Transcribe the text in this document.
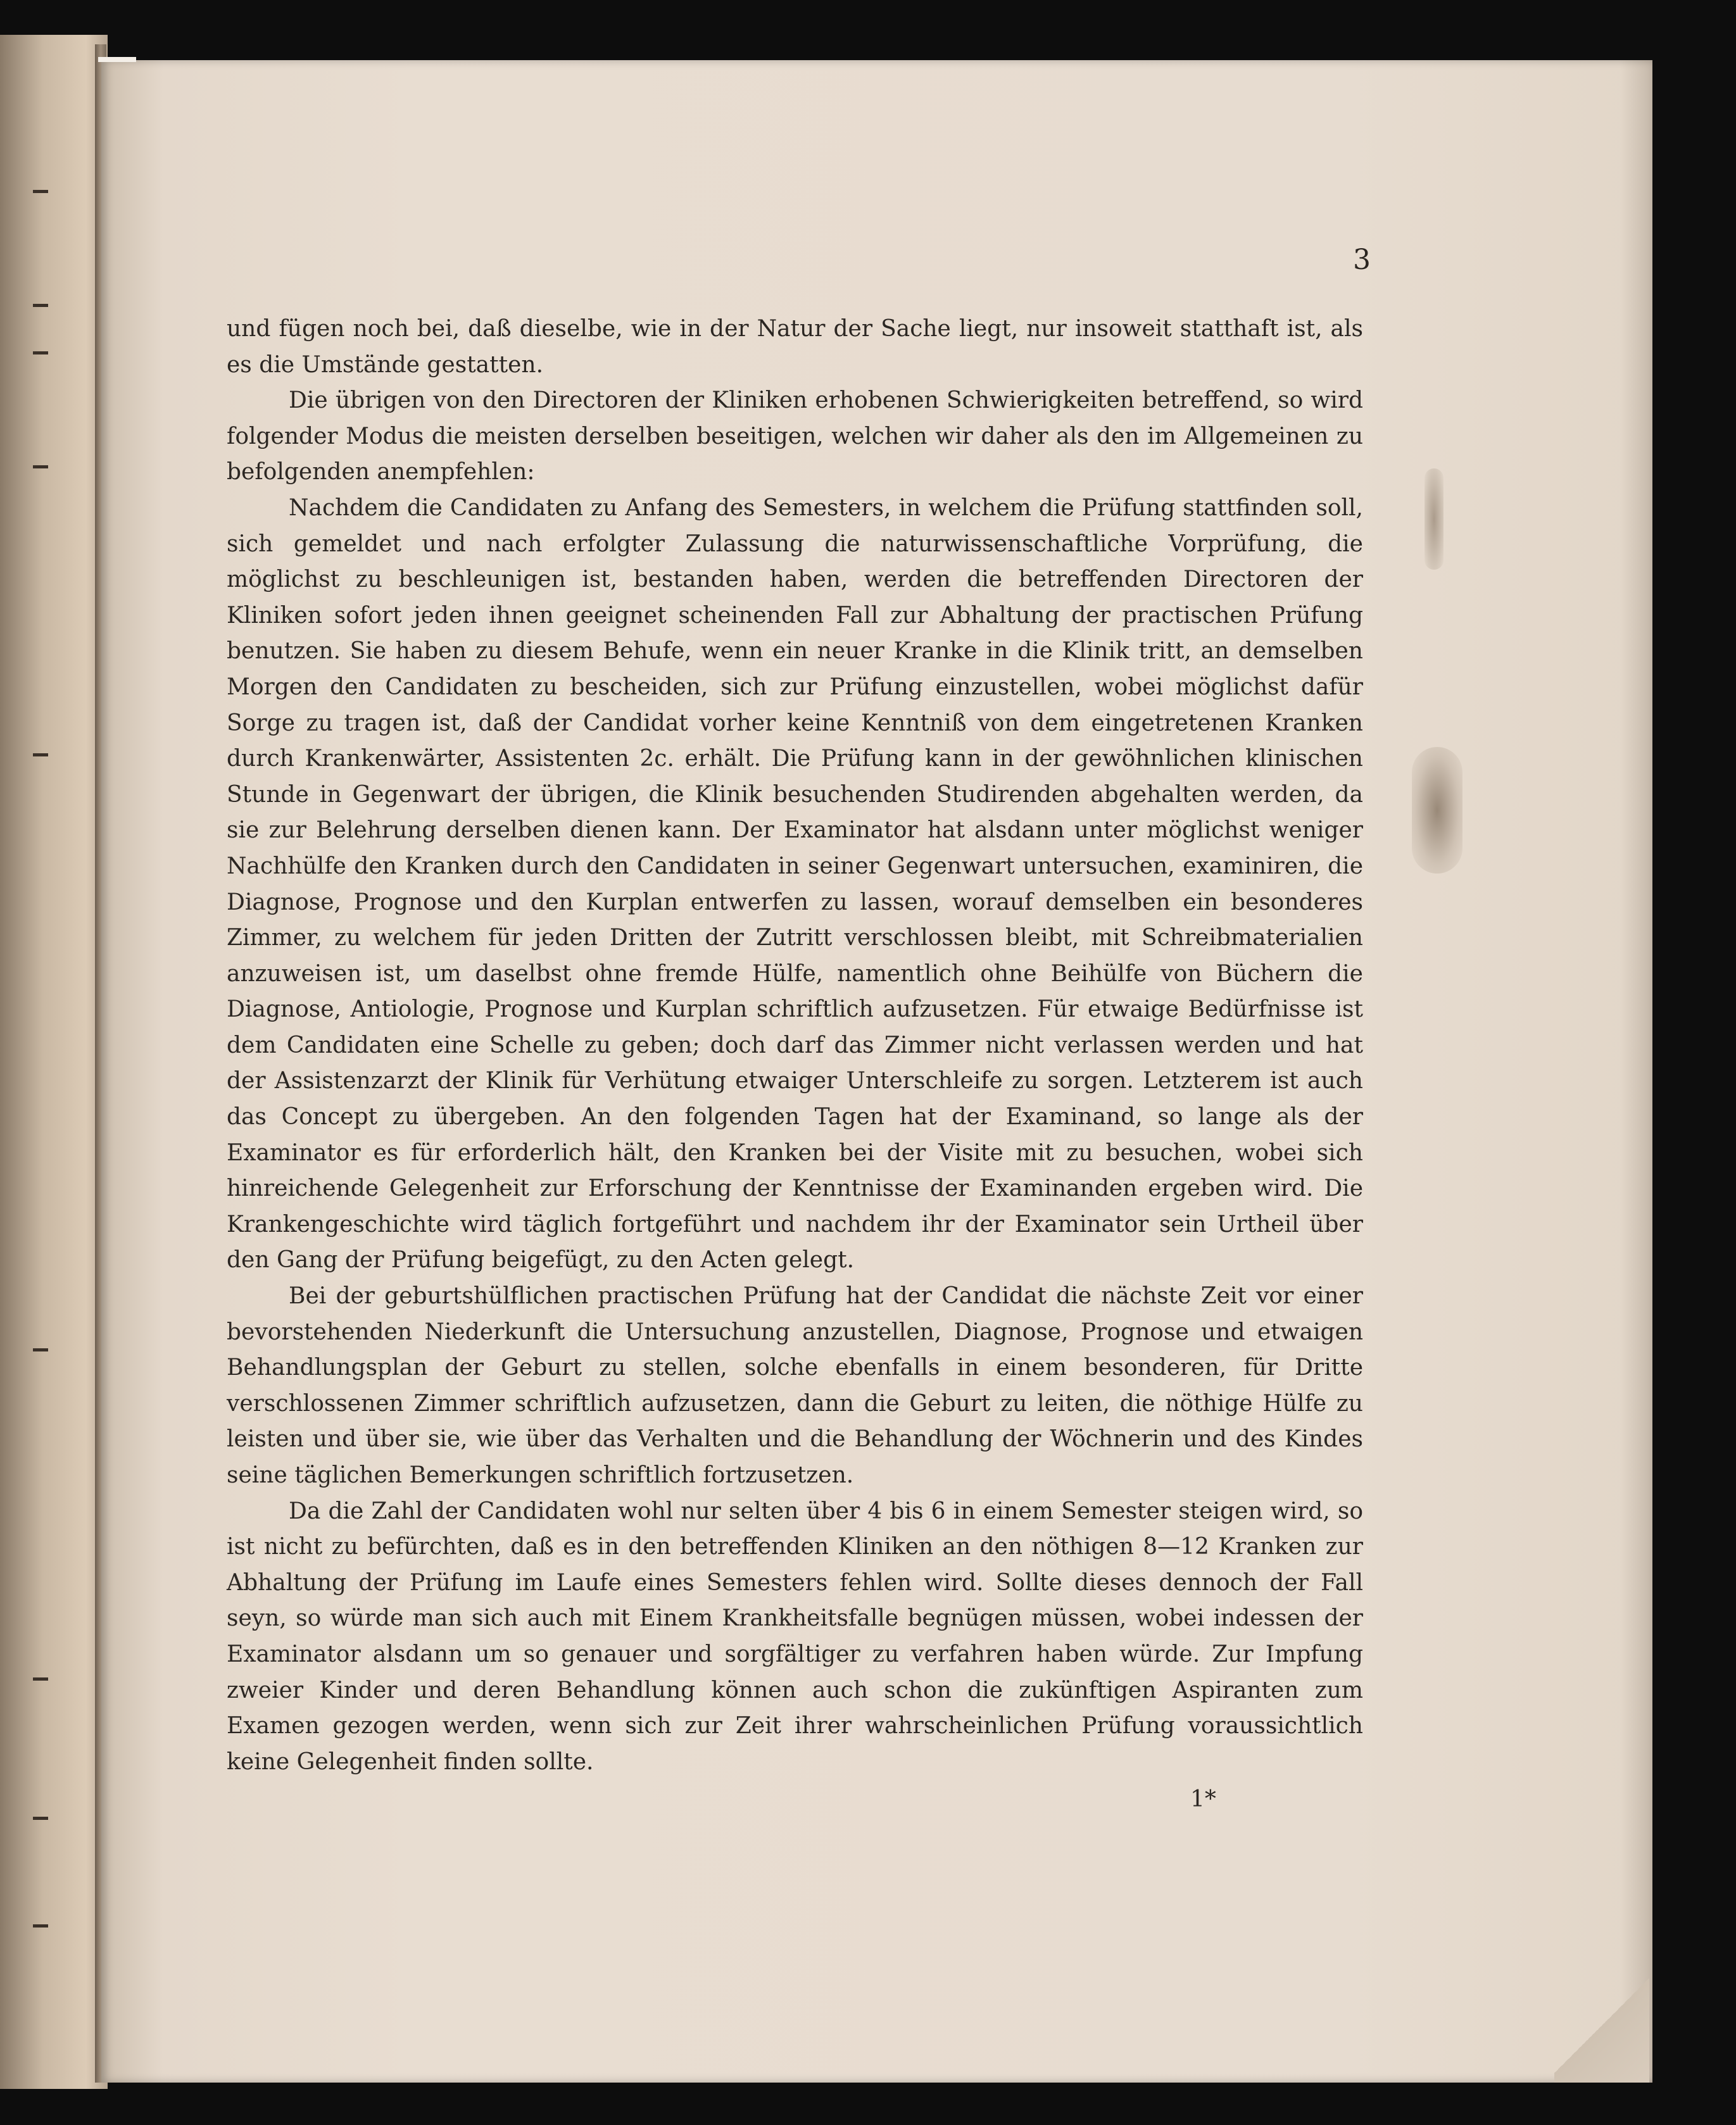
3

und fügen noch bei, daß dieselbe, wie in der Natur der Sache liegt, nur insoweit statthaft ist, als es die Umstände gestatten.

Die übrigen von den Directoren der Kliniken erhobenen Schwierigkeiten betreffend, so wird folgender Modus die meisten derselben beseitigen, welchen wir daher als den im Allgemeinen zu befolgenden anempfehlen:

Nachdem die Candidaten zu Anfang des Semesters, in welchem die Prüfung stattfinden soll, sich gemeldet und nach erfolgter Zulassung die naturwissenschaftliche Vorprüfung, die möglichst zu beschleunigen ist, bestanden haben, werden die betreffenden Directoren der Kliniken sofort jeden ihnen geeignet scheinenden Fall zur Abhaltung der practischen Prüfung benutzen. Sie haben zu diesem Behufe, wenn ein neuer Kranke in die Klinik tritt, an demselben Morgen den Candidaten zu bescheiden, sich zur Prüfung einzustellen, wobei möglichst dafür Sorge zu tragen ist, daß der Candidat vorher keine Kenntniß von dem eingetretenen Kranken durch Krankenwärter, Assistenten 2c. erhält. Die Prüfung kann in der gewöhnlichen klinischen Stunde in Gegenwart der übrigen, die Klinik besuchenden Studirenden abgehalten werden, da sie zur Belehrung derselben dienen kann. Der Examinator hat alsdann unter möglichst weniger Nachhülfe den Kranken durch den Candidaten in seiner Gegenwart untersuchen, examiniren, die Diagnose, Prognose und den Kurplan entwerfen zu lassen, worauf demselben ein besonderes Zimmer, zu welchem für jeden Dritten der Zutritt verschlossen bleibt, mit Schreibmaterialien anzuweisen ist, um daselbst ohne fremde Hülfe, namentlich ohne Beihülfe von Büchern die Diagnose, Antiologie, Prognose und Kurplan schriftlich aufzusetzen. Für etwaige Bedürfnisse ist dem Candidaten eine Schelle zu geben; doch darf das Zimmer nicht verlassen werden und hat der Assistenzarzt der Klinik für Verhütung etwaiger Unterschleife zu sorgen. Letzterem ist auch das Concept zu übergeben. An den folgenden Tagen hat der Examinand, so lange als der Examinator es für erforderlich hält, den Kranken bei der Visite mit zu besuchen, wobei sich hinreichende Gelegenheit zur Erforschung der Kenntnisse der Examinanden ergeben wird. Die Krankengeschichte wird täglich fortgeführt und nachdem ihr der Examinator sein Urtheil über den Gang der Prüfung beigefügt, zu den Acten gelegt.

Bei der geburtshülflichen practischen Prüfung hat der Candidat die nächste Zeit vor einer bevorstehenden Niederkunft die Untersuchung anzustellen, Diagnose, Prognose und etwaigen Behandlungsplan der Geburt zu stellen, solche ebenfalls in einem besonderen, für Dritte verschlossenen Zimmer schriftlich aufzusetzen, dann die Geburt zu leiten, die nöthige Hülfe zu leisten und über sie, wie über das Verhalten und die Behandlung der Wöchnerin und des Kindes seine täglichen Bemerkungen schriftlich fortzusetzen.

Da die Zahl der Candidaten wohl nur selten über 4 bis 6 in einem Semester steigen wird, so ist nicht zu befürchten, daß es in den betreffenden Kliniken an den nöthigen 8—12 Kranken zur Abhaltung der Prüfung im Laufe eines Semesters fehlen wird. Sollte dieses dennoch der Fall seyn, so würde man sich auch mit Einem Krankheitsfalle begnügen müssen, wobei indessen der Examinator alsdann um so genauer und sorgfältiger zu verfahren haben würde. Zur Impfung zweier Kinder und deren Behandlung können auch schon die zukünftigen Aspiranten zum Examen gezogen werden, wenn sich zur Zeit ihrer wahrscheinlichen Prüfung voraussichtlich keine Gelegenheit finden sollte.

1*
